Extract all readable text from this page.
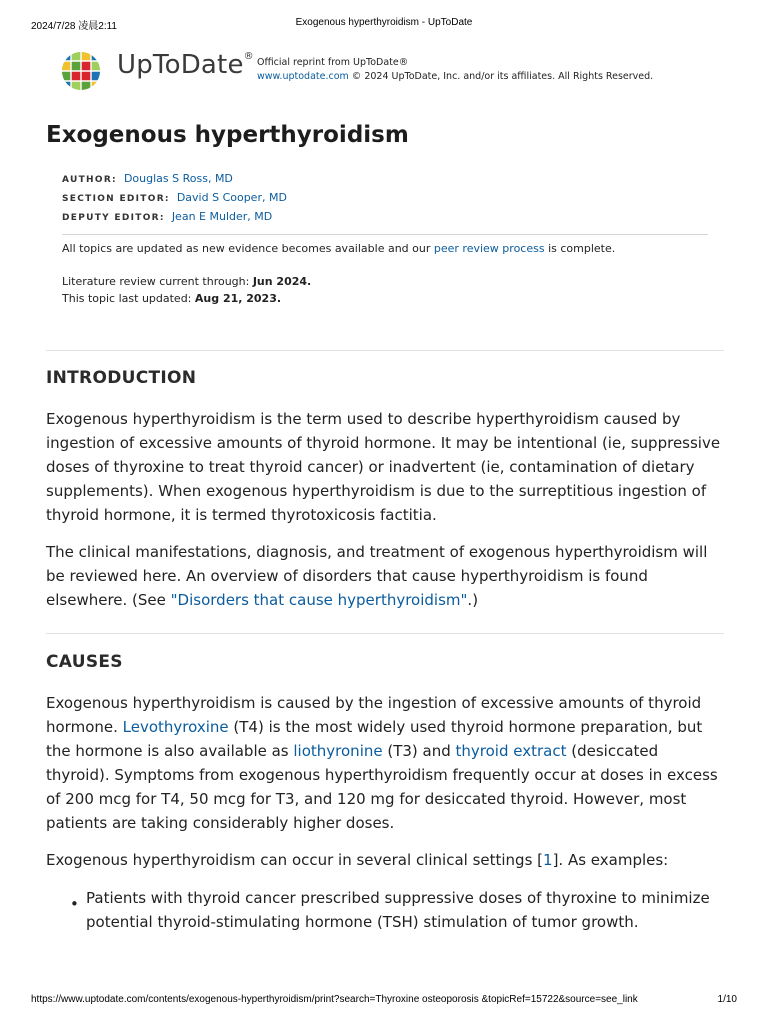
2024/7/28 凌晨2:11	Exogenous hyperthyroidism - UpToDate
UpToDate®
Official reprint from UpToDate®
www.uptodate.com © 2024 UpToDate, Inc. and/or its affiliates. All Rights Reserved.
Exogenous hyperthyroidism
AUTHOR: Douglas S Ross, MD
SECTION EDITOR: David S Cooper, MD
DEPUTY EDITOR: Jean E Mulder, MD
All topics are updated as new evidence becomes available and our peer review process is complete.
Literature review current through: Jun 2024.
This topic last updated: Aug 21, 2023.
INTRODUCTION

Exogenous hyperthyroidism is the term used to describe hyperthyroidism caused by ingestion of excessive amounts of thyroid hormone. It may be intentional (ie, suppressive doses of thyroxine to treat thyroid cancer) or inadvertent (ie, contamination of dietary supplements). When exogenous hyperthyroidism is due to the surreptitious ingestion of thyroid hormone, it is termed thyrotoxicosis factitia.

The clinical manifestations, diagnosis, and treatment of exogenous hyperthyroidism will be reviewed here. An overview of disorders that cause hyperthyroidism is found elsewhere. (See "Disorders that cause hyperthyroidism".)

CAUSES

Exogenous hyperthyroidism is caused by the ingestion of excessive amounts of thyroid hormone. Levothyroxine (T4) is the most widely used thyroid hormone preparation, but the hormone is also available as liothyronine (T3) and thyroid extract (desiccated thyroid). Symptoms from exogenous hyperthyroidism frequently occur at doses in excess of 200 mcg for T4, 50 mcg for T3, and 120 mg for desiccated thyroid. However, most patients are taking considerably higher doses.

Exogenous hyperthyroidism can occur in several clinical settings [1]. As examples:

• Patients with thyroid cancer prescribed suppressive doses of thyroxine to minimize potential thyroid-stimulating hormone (TSH) stimulation of tumor growth.

https://www.uptodate.com/contents/exogenous-hyperthyroidism/print?search=Thyroxine osteoporosis &topicRef=15722&source=see_link	1/10
